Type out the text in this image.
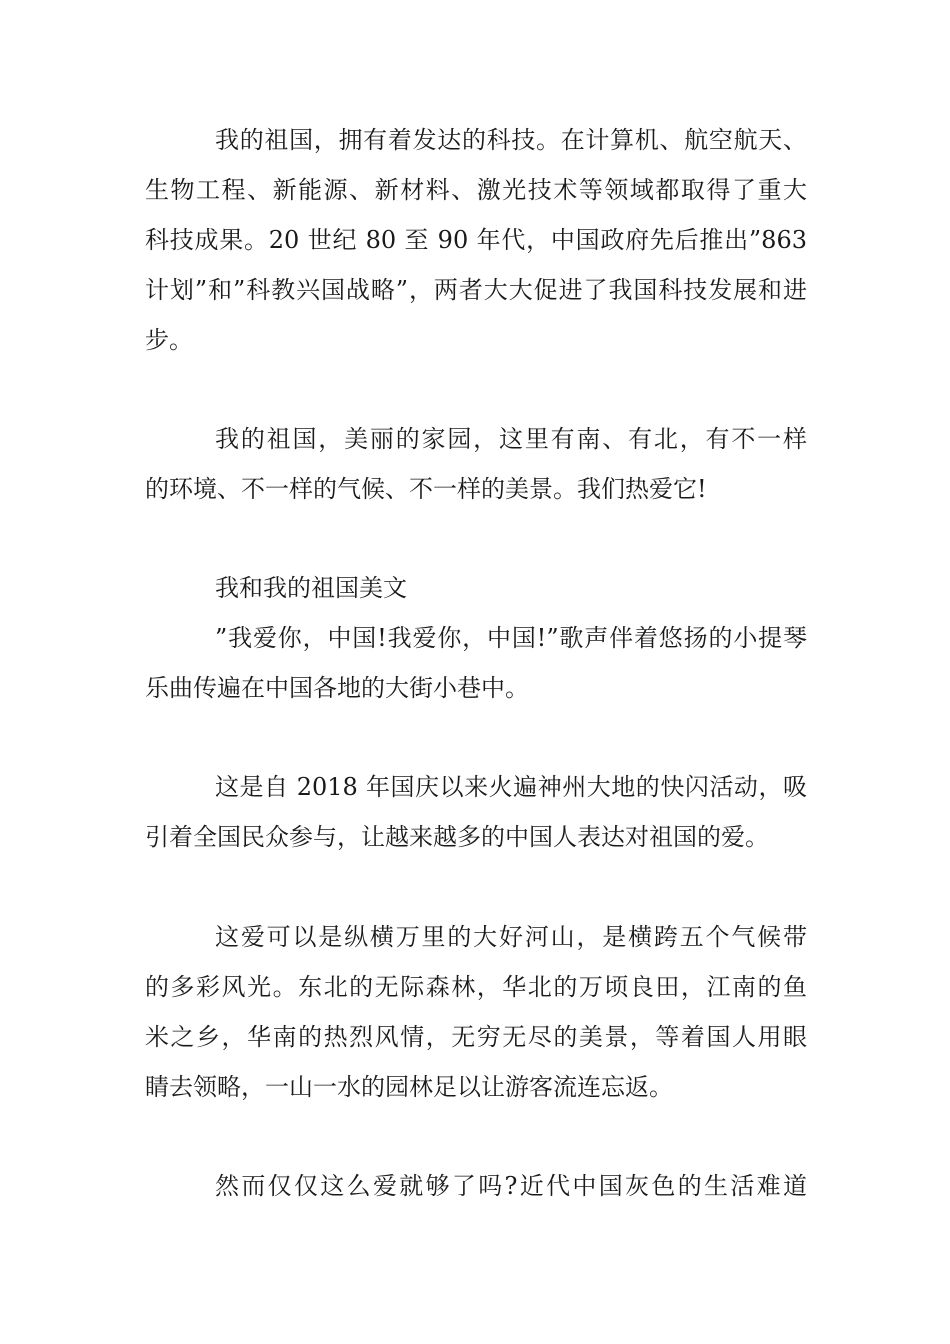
我的祖国，拥有着发达的科技。在计算机、航空航天、
生物工程、新能源、新材料、激光技术等领域都取得了重大
科技成果。20 世纪 80 至 90 年代，中国政府先后推出”863
计划”和”科教兴国战略”，两者大大促进了我国科技发展和进
步。
我的祖国，美丽的家园，这里有南、有北，有不一样
的环境、不一样的气候、不一样的美景。我们热爱它!
我和我的祖国美文
”我爱你，中国!我爱你，中国!”歌声伴着悠扬的小提琴
乐曲传遍在中国各地的大街小巷中。
这是自 2018 年国庆以来火遍神州大地的快闪活动，吸
引着全国民众参与，让越来越多的中国人表达对祖国的爱。
这爱可以是纵横万里的大好河山，是横跨五个气候带
的多彩风光。东北的无际森林，华北的万顷良田，江南的鱼
米之乡，华南的热烈风情，无穷无尽的美景，等着国人用眼
睛去领略，一山一水的园林足以让游客流连忘返。
然而仅仅这么爱就够了吗?近代中国灰色的生活难道
